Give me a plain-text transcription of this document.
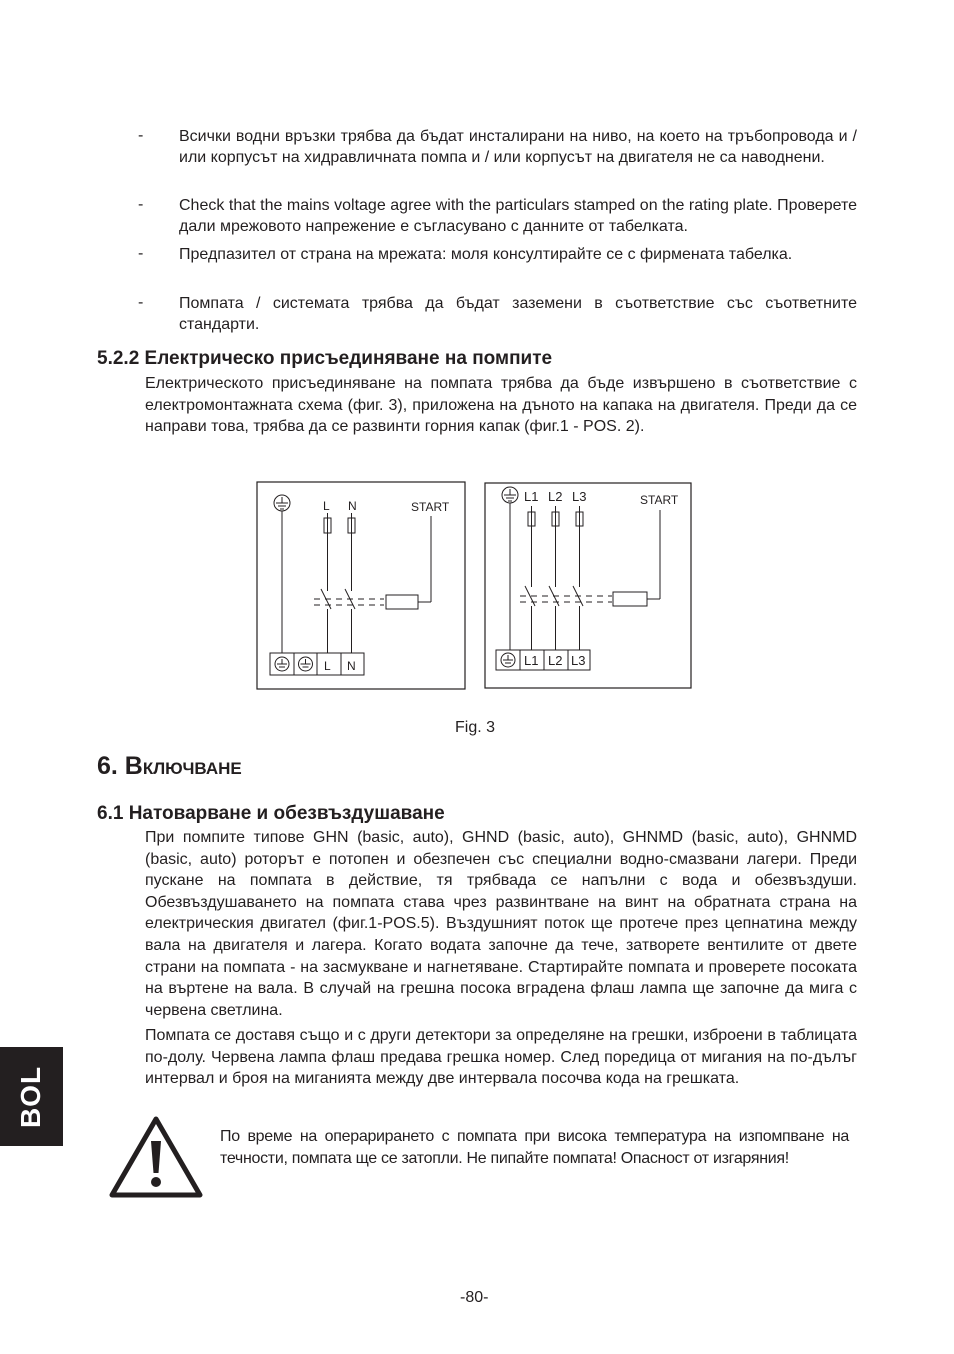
- Всички водни връзки трябва да бъдат инсталирани на ниво, на което на тръбопровода и / или корпусът на хидравличната помпа и / или корпусът на двигателя не са наводнени.
- Check that the mains voltage agree with the particulars stamped on the rating plate. Проверете дали мрежовото напрежение е съгласувано с данните от табелката.
- Предпазител от страна на мрежата: моля консултирайте се с фирмената табелка.
- Помпата / системата трябва да бъдат заземени в съответствие със съответните стандарти.
5.2.2 Електрическо присъединяване на помпите
Електрическото присъединяване на помпата трябва да бъде извършено в съответствие с електромонтажната схема (фиг. 3), приложена на дъното на капака на двигателя. Преди да се направи това, трябва да се развинти горния капак (фиг.1 - POS. 2).
L N	START
L N
L1 L2 L3	START
L1 L2 L3
Fig. 3
6. ВКЛЮЧВАНЕ
6.1 Натоварване и обезвъздушаване
При помпите типове GHN (basic, auto), GHND (basic, auto), GHNMD (basic, auto), GHNMD (basic, auto) роторът е потопен и обезпечен със специални водно-смазвани лагери. Преди пускане на помпата в действие, тя трябвада се напълни с вода и обезвъздуши. Обезвъздушаването на помпата става чрез развинтване на винт на обратната страна на електрическия двигател (фиг.1-POS.5). Въздушният поток ще протече през цепнатина между вала на двигателя и лагера. Когато водата започне да тече, затворете вентилите от двете страни на помпата - на засмукване и нагнетяване. Стартирайте помпата и проверете посоката на въртене на вала. В случай на грешна посока вградена флаш лампа ще започне да мига с червена светлина.
Помпата се доставя също и с други детектори за определяне на грешки, изброени в таблицата по-долу. Червена лампа флаш предава грешка номер. След поредица от мигания на по-дълъг интервал и броя на миганията между две интервала посочва кода на грешката.
BOL
По време на операрирането с помпата при висока температура на изпомпване на течности, помпата ще се затопли. Не пипайте помпата! Опасност от изгаряния!
-80-
